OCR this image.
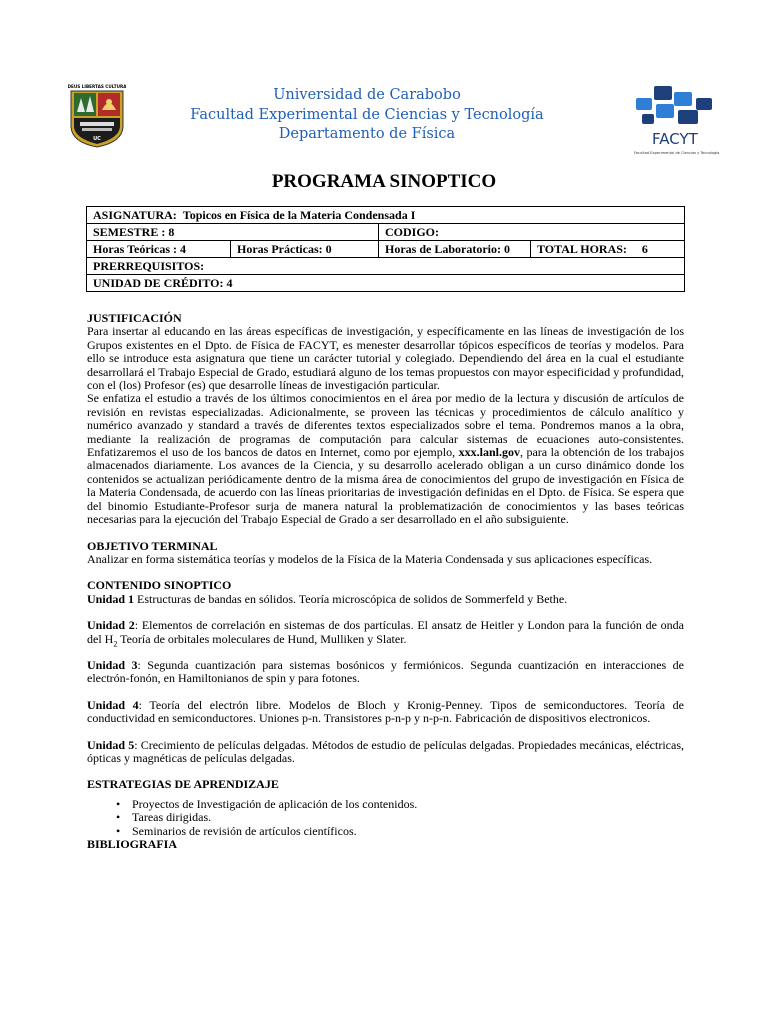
DEUS LIBERTAS CULTURA
UC
Universidad de Carabobo
Facultad Experimental de Ciencias y Tecnología
Departamento de Física	FACYT
Facultad Experimental de Ciencias y Tecnología
PROGRAMA SINOPTICO
ASIGNATURA: Topicos en Física de la Materia Condensada I			
SEMESTRE : 8		CODIGO:	
Horas Teóricas : 4	Horas Prácticas: 0	Horas de Laboratorio: 0	TOTAL HORAS: 6
PRERREQUISITOS:			
UNIDAD DE CRÉDITO: 4			

JUSTIFICACIÓN

Para insertar al educando en las áreas específicas de investigación, y específicamente en las líneas de investigación de los Grupos existentes en el Dpto. de Física de FACYT, es menester desarrollar tópicos específicos de teorías y modelos. Para ello se introduce esta asignatura que tiene un carácter tutorial y colegiado. Dependiendo del área en la cual el estudiante desarrollará el Trabajo Especial de Grado, estudiará alguno de los temas propuestos con mayor especificidad y profundidad, con el (los) Profesor (es) que desarrolle líneas de investigación particular.

Se enfatiza el estudio a través de los últimos conocimientos en el área por medio de la lectura y discusión de artículos de revisión en revistas especializadas. Adicionalmente, se proveen las técnicas y procedimientos de cálculo analítico y numérico avanzado y standard a través de diferentes textos especializados sobre el tema. Pondremos manos a la obra, mediante la realización de programas de computación para calcular sistemas de ecuaciones auto-consistentes. Enfatizaremos el uso de los bancos de datos en Internet, como por ejemplo, xxx.lanl.gov, para la obtención de los trabajos almacenados diariamente. Los avances de la Ciencia, y su desarrollo acelerado obligan a un curso dinámico donde los contenidos se actualizan periódicamente dentro de la misma área de conocimientos del grupo de investigación en Física de la Materia Condensada, de acuerdo con las líneas prioritarias de investigación definidas en el Dpto. de Física. Se espera que del binomio Estudiante-Profesor surja de manera natural la problematización de conocimientos y las bases teóricas necesarias para la ejecución del Trabajo Especial de Grado a ser desarrollado en el año subsiguiente.

OBJETIVO TERMINAL

Analizar en forma sistemática teorías y modelos de la Física de la Materia Condensada y sus aplicaciones específicas.

CONTENIDO SINOPTICO

Unidad 1 Estructuras de bandas en sólidos. Teoría microscópica de solidos de Sommerfeld y Bethe.

Unidad 2: Elementos de correlación en sistemas de dos partículas. El ansatz de Heitler y London para la función de onda del $H_2$ Teoría de orbitales moleculares de Hund, Mulliken y Slater.

Unidad 3: Segunda cuantización para sistemas bosónicos y fermiónicos. Segunda cuantización en interacciones de electrón-fonón, en Hamiltonianos de spin y para fotones.

Unidad 4: Teoría del electrón libre. Modelos de Bloch y Kronig-Penney. Tipos de semiconductores. Teoría de conductividad en semiconductores. Uniones p-n. Transistores p-n-p y n-p-n. Fabricación de dispositivos electronicos.

Unidad 5: Crecimiento de películas delgadas. Métodos de estudio de películas delgadas. Propiedades mecánicas, eléctricas, ópticas y magnéticas de películas delgadas.

ESTRATEGIAS DE APRENDIZAJE

• Proyectos de Investigación de aplicación de los contenidos.
• Tareas dirigidas.
• Seminarios de revisión de artículos científicos.

BIBLIOGRAFIA
